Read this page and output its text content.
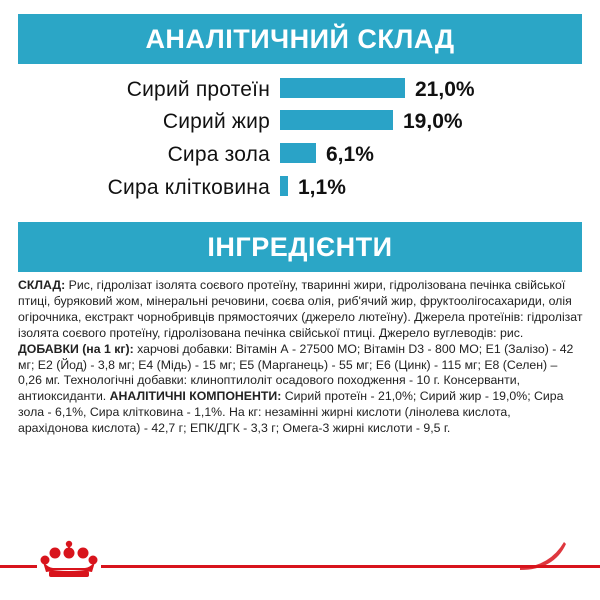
АНАЛІТИЧНИЙ СКЛАД
Сирий протеїн	21,0%
Сирий жир	19,0%
Сира зола	6,1%
Сира клітковина 1,1%
ІНГРЕДІЄНТИ
СКЛАД: Рис, гідролізат ізолята соєвого протеїну, тваринні жири, гідролізована печінка свійської птиці, буряковий жом, мінеральні речовини, соєва олія, риб'ячий жир, фруктоолігосахариди, олія огірочника, екстракт чорнобривців прямостоячих (джерело лютеїну). Джерела протеїнів: гідролізат ізолята соєвого протеїну, гідролізована печінка свійської птиці. Джерело вуглеводів: рис. ДОБАВКИ (на 1 кг): харчові добавки: Вітамін А - 27500 МО; Вітамін D3 - 800 МО; Е1 (Залізо) - 42 мг; Е2 (Йод) - 3,8 мг; Е4 (Мідь) - 15 мг; Е5 (Марганець) - 55 мг; Е6 (Цинк) - 115 мг; Е8 (Селен) – 0,26 мг. Технологічні добавки: клиноптилоліт осадового походження - 10 г. Консерванти, антиоксиданти. АНАЛІТИЧНІ КОМПОНЕНТИ: Сирий протеїн - 21,0%; Сирий жир - 19,0%; Сира зола - 6,1%, Сира клітковина - 1,1%. На кг: незамінні жирні кислоти (лінолева кислота, арахідонова кислота) - 42,7 г; ЕПК/ДГК - 3,3 г; Омега-3 жирні кислоти - 9,5 г.
